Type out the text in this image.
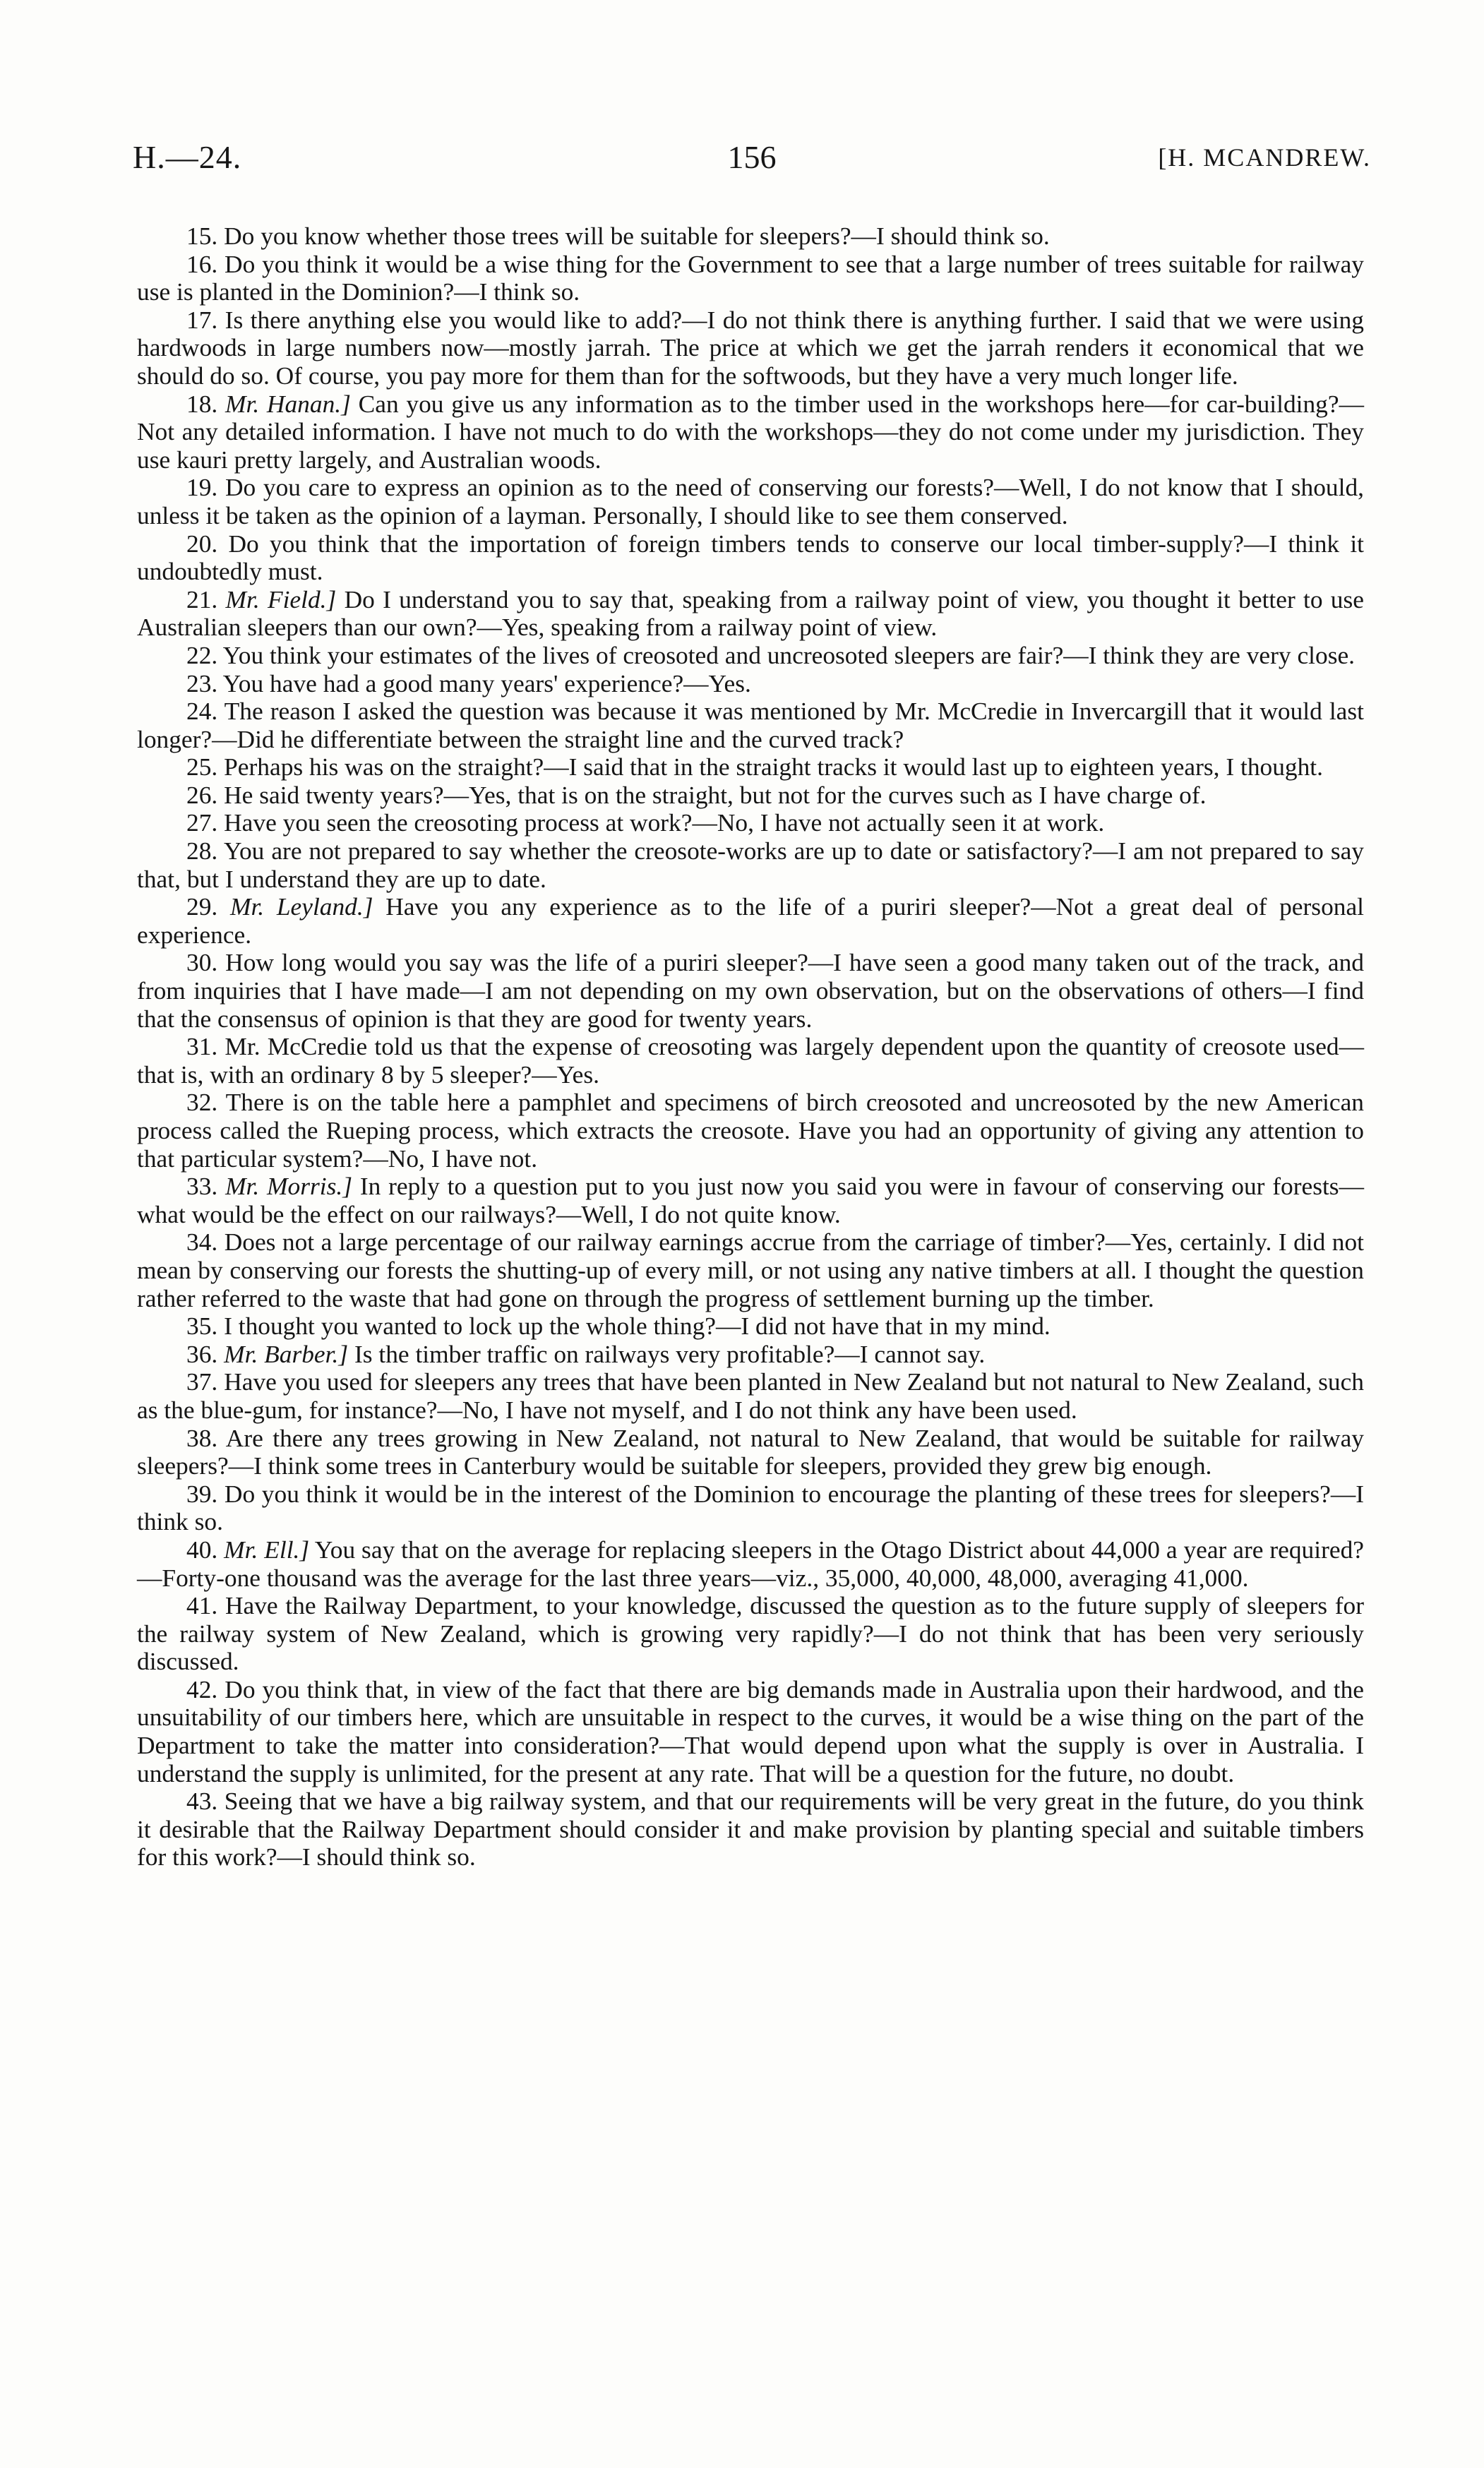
H.—24.	156	[H. MCANDREW.

15. Do you know whether those trees will be suitable for sleepers?—I should think so.

16. Do you think it would be a wise thing for the Government to see that a large number of trees suitable for railway use is planted in the Dominion?—I think so.

17. Is there anything else you would like to add?—I do not think there is anything further. I said that we were using hardwoods in large numbers now—mostly jarrah. The price at which we get the jarrah renders it economical that we should do so. Of course, you pay more for them than for the softwoods, but they have a very much longer life.

18. Mr. Hanan.] Can you give us any information as to the timber used in the workshops here—for car-building?—Not any detailed information. I have not much to do with the workshops—they do not come under my jurisdiction. They use kauri pretty largely, and Australian woods.

19. Do you care to express an opinion as to the need of conserving our forests?—Well, I do not know that I should, unless it be taken as the opinion of a layman. Personally, I should like to see them conserved.

20. Do you think that the importation of foreign timbers tends to conserve our local timber-supply?—I think it undoubtedly must.

21. Mr. Field.] Do I understand you to say that, speaking from a railway point of view, you thought it better to use Australian sleepers than our own?—Yes, speaking from a railway point of view.

22. You think your estimates of the lives of creosoted and uncreosoted sleepers are fair?—I think they are very close.

23. You have had a good many years' experience?—Yes.

24. The reason I asked the question was because it was mentioned by Mr. McCredie in Invercargill that it would last longer?—Did he differentiate between the straight line and the curved track?

25. Perhaps his was on the straight?—I said that in the straight tracks it would last up to eighteen years, I thought.

26. He said twenty years?—Yes, that is on the straight, but not for the curves such as I have charge of.

27. Have you seen the creosoting process at work?—No, I have not actually seen it at work.

28. You are not prepared to say whether the creosote-works are up to date or satisfactory?—I am not prepared to say that, but I understand they are up to date.

29. Mr. Leyland.] Have you any experience as to the life of a puriri sleeper?—Not a great deal of personal experience.

30. How long would you say was the life of a puriri sleeper?—I have seen a good many taken out of the track, and from inquiries that I have made—I am not depending on my own observation, but on the observations of others—I find that the consensus of opinion is that they are good for twenty years.

31. Mr. McCredie told us that the expense of creosoting was largely dependent upon the quantity of creosote used—that is, with an ordinary 8 by 5 sleeper?—Yes.

32. There is on the table here a pamphlet and specimens of birch creosoted and uncreosoted by the new American process called the Rueping process, which extracts the creosote. Have you had an opportunity of giving any attention to that particular system?—No, I have not.

33. Mr. Morris.] In reply to a question put to you just now you said you were in favour of conserving our forests—what would be the effect on our railways?—Well, I do not quite know.

34. Does not a large percentage of our railway earnings accrue from the carriage of timber?—Yes, certainly. I did not mean by conserving our forests the shutting-up of every mill, or not using any native timbers at all. I thought the question rather referred to the waste that had gone on through the progress of settlement burning up the timber.

35. I thought you wanted to lock up the whole thing?—I did not have that in my mind.

36. Mr. Barber.] Is the timber traffic on railways very profitable?—I cannot say.

37. Have you used for sleepers any trees that have been planted in New Zealand but not natural to New Zealand, such as the blue-gum, for instance?—No, I have not myself, and I do not think any have been used.

38. Are there any trees growing in New Zealand, not natural to New Zealand, that would be suitable for railway sleepers?—I think some trees in Canterbury would be suitable for sleepers, provided they grew big enough.

39. Do you think it would be in the interest of the Dominion to encourage the planting of these trees for sleepers?—I think so.

40. Mr. Ell.] You say that on the average for replacing sleepers in the Otago District about 44,000 a year are required?—Forty-one thousand was the average for the last three years—viz., 35,000, 40,000, 48,000, averaging 41,000.

41. Have the Railway Department, to your knowledge, discussed the question as to the future supply of sleepers for the railway system of New Zealand, which is growing very rapidly?—I do not think that has been very seriously discussed.

42. Do you think that, in view of the fact that there are big demands made in Australia upon their hardwood, and the unsuitability of our timbers here, which are unsuitable in respect to the curves, it would be a wise thing on the part of the Department to take the matter into consideration?—That would depend upon what the supply is over in Australia. I understand the supply is unlimited, for the present at any rate. That will be a question for the future, no doubt.

43. Seeing that we have a big railway system, and that our requirements will be very great in the future, do you think it desirable that the Railway Department should consider it and make provision by planting special and suitable timbers for this work?—I should think so.
